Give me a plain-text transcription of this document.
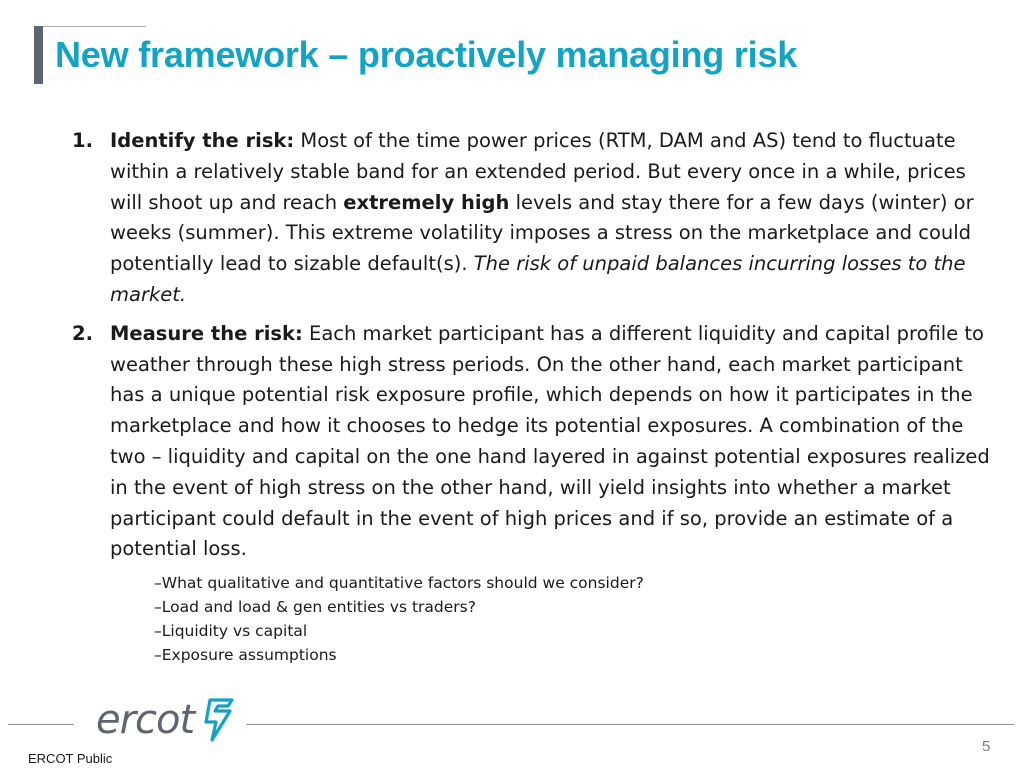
New framework – proactively managing risk
1. Identify the risk: Most of the time power prices (RTM, DAM and AS) tend to fluctuate within a relatively stable band for an extended period. But every once in a while, prices will shoot up and reach extremely high levels and stay there for a few days (winter) or weeks (summer). This extreme volatility imposes a stress on the marketplace and could potentially lead to sizable default(s). The risk of unpaid balances incurring losses to the market.
2. Measure the risk: Each market participant has a different liquidity and capital profile to weather through these high stress periods. On the other hand, each market participant has a unique potential risk exposure profile, which depends on how it participates in the marketplace and how it chooses to hedge its potential exposures. A combination of the two – liquidity and capital on the one hand layered in against potential exposures realized in the event of high stress on the other hand, will yield insights into whether a market participant could default in the event of high prices and if so, provide an estimate of a potential loss.
–What qualitative and quantitative factors should we consider?
–Load and load & gen entities vs traders?
–Liquidity vs capital
–Exposure assumptions
ercot
ERCOT Public
5
